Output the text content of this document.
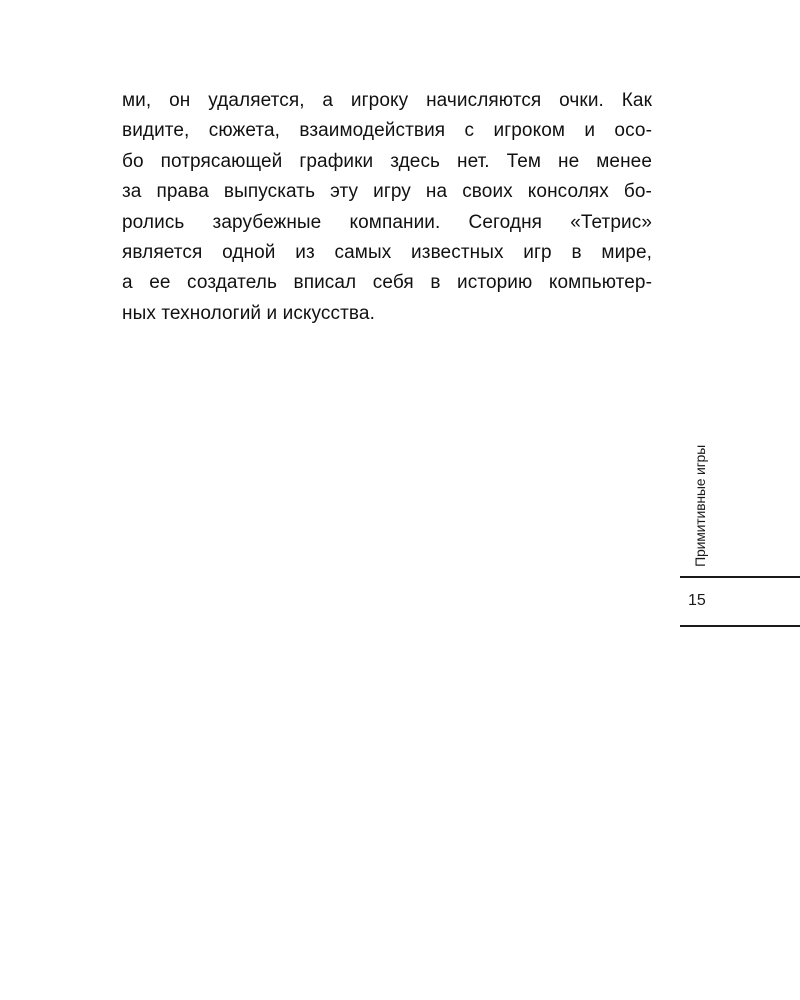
ми, он удаляется, а игроку начисляются очки. Как
видите, сюжета, взаимодействия с игроком и осо-
бо потрясающей графики здесь нет. Тем не менее
за права выпускать эту игру на своих консолях бо-
ролись зарубежные компании. Сегодня «Тетрис»
является одной из самых известных игр в мире,
а ее создатель вписал себя в историю компьютер-
ных технологий и искусства.
Примитивные игры
15
